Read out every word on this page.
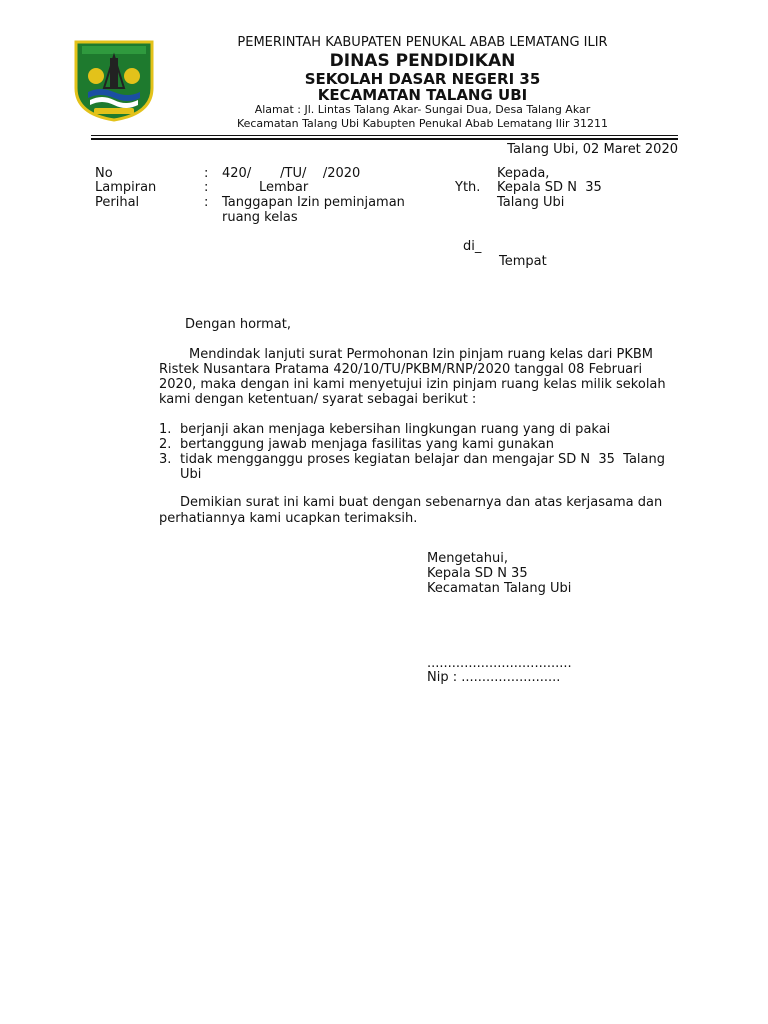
PEMERINTAH KABUPATEN PENUKAL ABAB LEMATANG ILIR
DINAS PENDIDIKAN
SEKOLAH DASAR NEGERI 35
KECAMATAN TALANG UBI
Alamat : Jl. Lintas Talang Akar- Sungai Dua, Desa Talang Akar
Kecamatan Talang Ubi Kabupten Penukal Abab Lematang Ilir 31211
Talang Ubi, 02 Maret 2020
No	: 420/       /TU/    /2020
Lampiran	:	Lembar
Perihal	: Tanggapan Izin peminjaman
ruang kelas
Kepada,
Yth. Kepala SD N  35
Talang Ubi
di_
Tempat
Dengan hormat,
Mendindak lanjuti surat Permohonan Izin pinjam ruang kelas dari PKBM
Ristek Nusantara Pratama 420/10/TU/PKBM/RNP/2020 tanggal 08 Februari
2020, maka dengan ini kami menyetujui izin pinjam ruang kelas milik sekolah
kami dengan ketentuan/ syarat sebagai berikut :
1. berjanji akan menjaga kebersihan lingkungan ruang yang di pakai
2. bertanggung jawab menjaga fasilitas yang kami gunakan
3. tidak mengganggu proses kegiatan belajar dan mengajar SD N  35  Talang
Ubi
Demikian surat ini kami buat dengan sebenarnya dan atas kerjasama dan
perhatiannya kami ucapkan terimaksih.
Mengetahui,
Kepala SD N 35
Kecamatan Talang Ubi
...................................
Nip : ........................
